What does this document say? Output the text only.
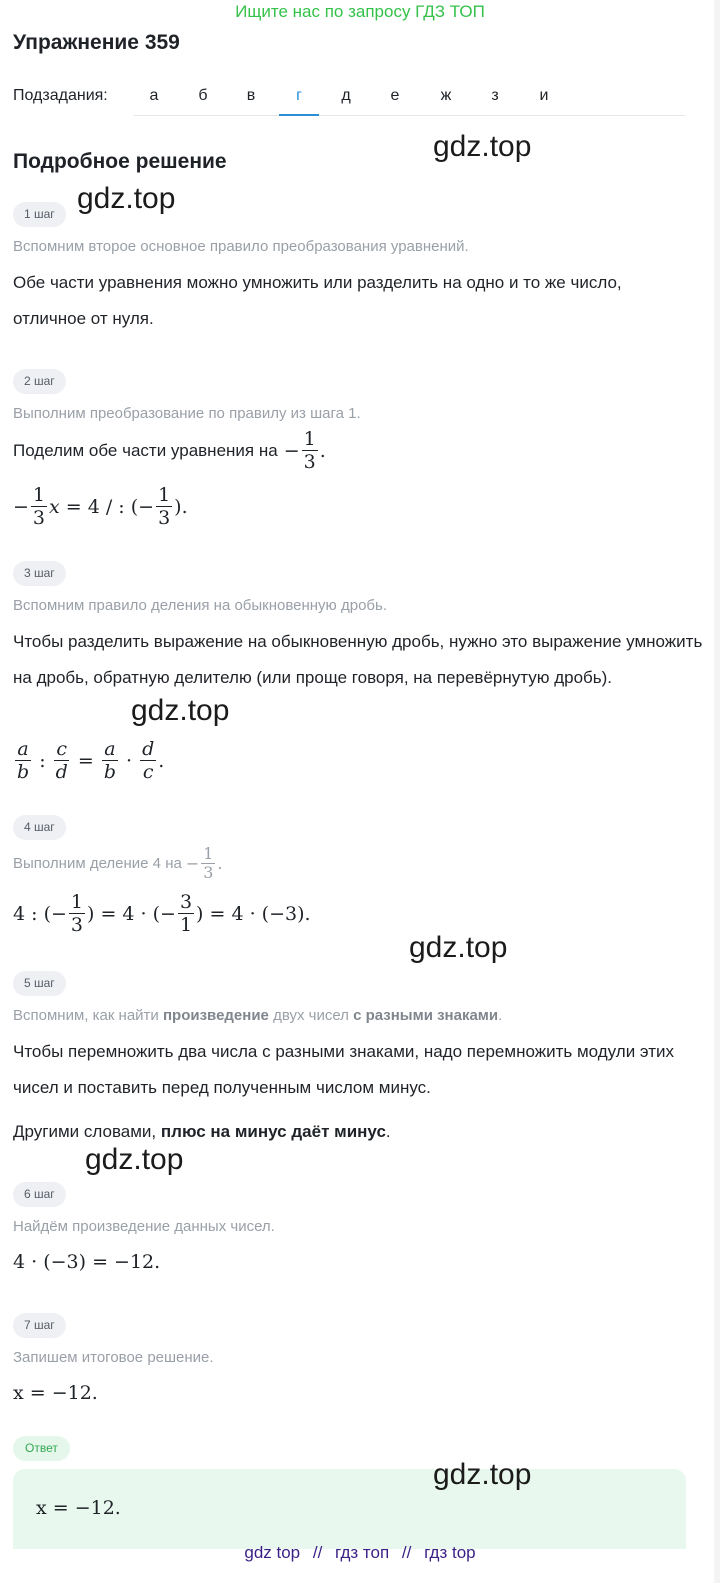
Ищите нас по запросу ГДЗ ТОП
Упражнение 359
Подзадания:	а	б	в	г	д	е	ж	з	и
Подробное решение	gdz.top
gdz.top
gdz.top
gdz.top
gdz.top
gdz.top
1 шаг
Вспомним второе основное правило преобразования уравнений.
Обе части уравнения можно умножить или разделить на одно и то же число, отличное от нуля.
2 шаг
Выполним преобразование по правилу из шага 1.
Поделим обе части уравнения на − $\frac{1}{3}$ .
− $\frac{1}{3}$ x = 4 / : (− $\frac{1}{3}$ ).
3 шаг
Вспомним правило деления на обыкновенную дробь.
Чтобы разделить выражение на обыкновенную дробь, нужно это выражение умножить на дробь, обратную делителю (или проще говоря, на перевёрнутую дробь).
$\frac{a}{b}$ : $\frac{c}{d} = \frac{a}{b} \cdot \frac{d}{c}$ .
4 шаг
Выполним деление 4 на − $\frac{1}{3}$ .
4 : (− $\frac{1}{3}$ ) = 4 · (− $\frac{3}{1}$ ) = 4 · (−3).
5 шаг
Вспомним, как найти произведение двух чисел с разными знаками.
Чтобы перемножить два числа с разными знаками, надо перемножить модули этих чисел и поставить перед полученным числом минус.
Другими словами, плюс на минус даёт минус.
6 шаг
Найдём произведение данных чисел.
4 · (−3) = −12.
7 шаг
Запишем итоговое решение.
x = −12.
Ответ
x = −12.
gdz top // гдз топ // гдз top
